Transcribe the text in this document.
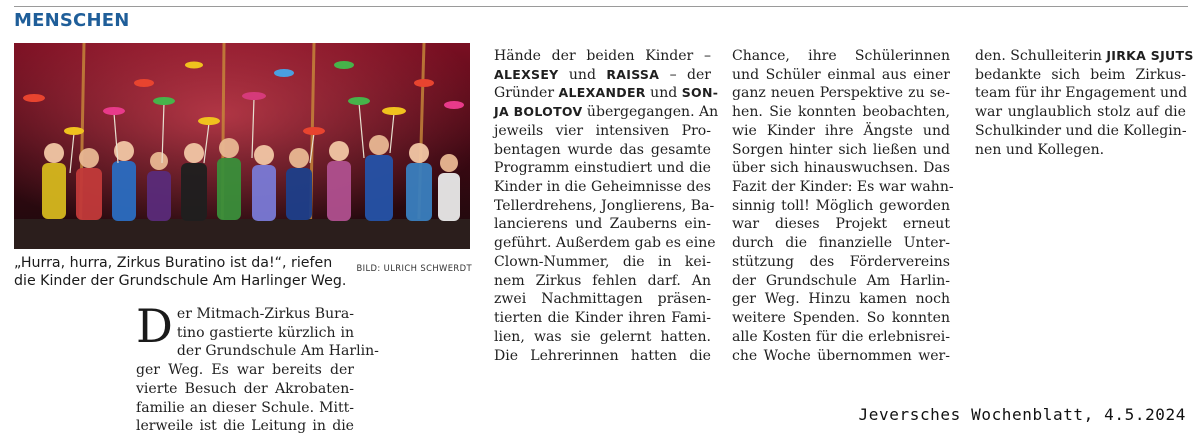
MENSCHEN
BILD: ULRICH SCHWERDT
„Hurra, hurra, Zirkus Buratino ist da!“, riefen die Kinder der Grundschule Am Harlinger Weg.
D er Mitmach-Zirkus Bura-
tino gastierte kürzlich in
der Grundschule Am Harlin-
ger Weg. Es war bereits der
vierte Besuch der Akrobaten-
familie an dieser Schule. Mitt-
lerweile ist die Leitung in die
Hände der beiden Kinder –
ALEXSEY und RAISSA – der
Gründer ALEXANDER und SON-
JA BOLOTOV übergegangen. An
jeweils vier intensiven Pro-
bentagen wurde das gesamte
Programm einstudiert und die
Kinder in die Geheimnisse des
Tellerdrehens, Jonglierens, Ba-
lancierens und Zauberns ein-
geführt. Außerdem gab es eine
Clown-Nummer, die in kei-
nem Zirkus fehlen darf. An
zwei Nachmittagen präsen-
tierten die Kinder ihren Fami-
lien, was sie gelernt hatten.
Die Lehrerinnen hatten die
Chance, ihre Schülerinnen
und Schüler einmal aus einer
ganz neuen Perspektive zu se-
hen. Sie konnten beobachten,
wie Kinder ihre Ängste und
Sorgen hinter sich ließen und
über sich hinauswuchsen. Das
Fazit der Kinder: Es war wahn-
sinnig toll! Möglich geworden
war dieses Projekt erneut
durch die finanzielle Unter-
stützung des Fördervereins
der Grundschule Am Harlin-
ger Weg. Hinzu kamen noch
weitere Spenden. So konnten
alle Kosten für die erlebnisrei-
che Woche übernommen wer-
den. Schulleiterin JIRKA SJUTS
bedankte sich beim Zirkus-
team für ihr Engagement und
war unglaublich stolz auf die
Schulkinder und die Kollegin-
nen und Kollegen.
Jeversches Wochenblatt, 4.5.2024
